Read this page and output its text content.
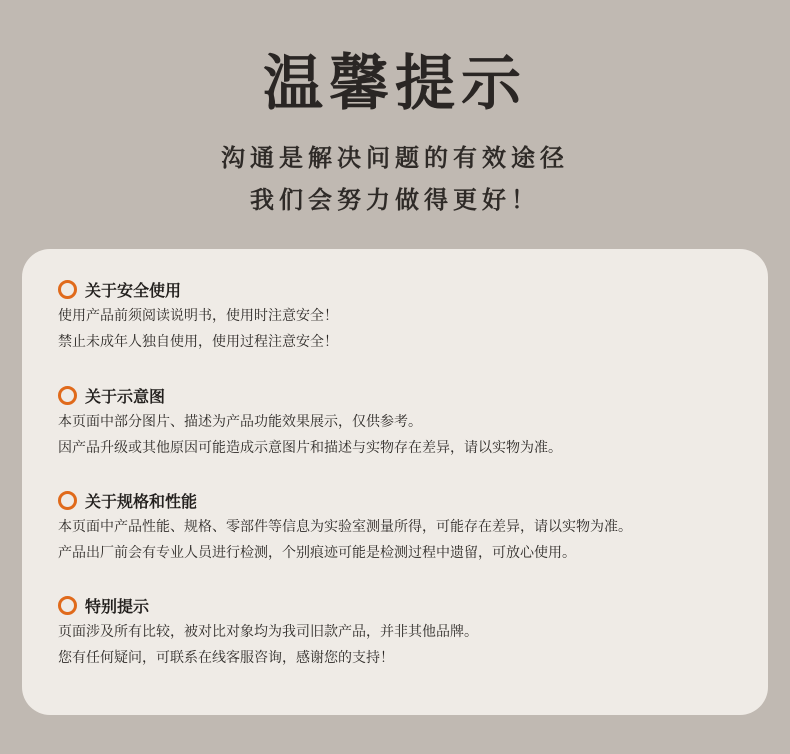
温馨提示
沟通是解决问题的有效途径
我们会努力做得更好！
关于安全使用
使用产品前须阅读说明书，使用时注意安全！
禁止未成年人独自使用，使用过程注意安全！
关于示意图
本页面中部分图片、描述为产品功能效果展示，仅供参考。
因产品升级或其他原因可能造成示意图片和描述与实物存在差异，请以实物为准。
关于规格和性能
本页面中产品性能、规格、零部件等信息为实验室测量所得，可能存在差异，请以实物为准。
产品出厂前会有专业人员进行检测，个别痕迹可能是检测过程中遗留，可放心使用。
特别提示
页面涉及所有比较，被对比对象均为我司旧款产品，并非其他品牌。
您有任何疑问，可联系在线客服咨询，感谢您的支持！
